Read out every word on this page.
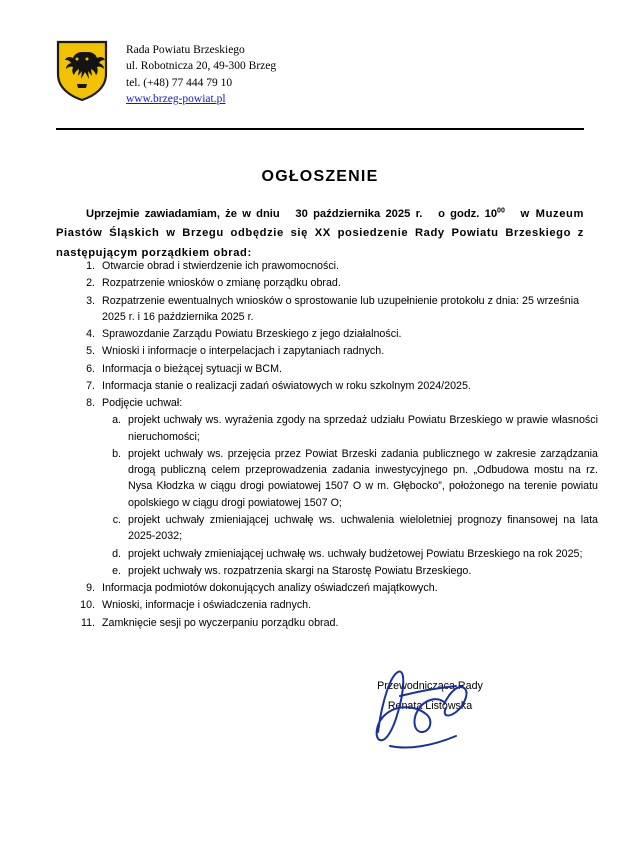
Rada Powiatu Brzeskiego
ul. Robotnicza 20, 49-300 Brzeg
tel. (+48) 77 444 79 10
www.brzeg-powiat.pl
OGŁOSZENIE
Uprzejmie zawiadamiam, że w dniu 30 października 2025 r. o godz. $10^{00}$ w Muzeum Piastów Śląskich w Brzegu odbędzie się XX posiedzenie Rady Powiatu Brzeskiego z następującym porządkiem obrad:
1. Otwarcie obrad i stwierdzenie ich prawomocności.
2. Rozpatrzenie wniosków o zmianę porządku obrad.
3. Rozpatrzenie ewentualnych wniosków o sprostowanie lub uzupełnienie protokołu z dnia: 25 września 2025 r. i 16 października 2025 r.
4. Sprawozdanie Zarządu Powiatu Brzeskiego z jego działalności.
5. Wnioski i informacje o interpelacjach i zapytaniach radnych.
6. Informacja o bieżącej sytuacji w BCM.
7. Informacja stanie o realizacji zadań oświatowych w roku szkolnym 2024/2025.
8. Podjęcie uchwał:
a. projekt uchwały ws. wyrażenia zgody na sprzedaż udziału Powiatu Brzeskiego w prawie własności nieruchomości;
b. projekt uchwały ws. przejęcia przez Powiat Brzeski zadania publicznego w zakresie zarządzania drogą publiczną celem przeprowadzenia zadania inwestycyjnego pn. „Odbudowa mostu na rz. Nysa Kłodzka w ciągu drogi powiatowej 1507 O w m. Głębocko”, położonego na terenie powiatu opolskiego w ciągu drogi powiatowej 1507 O;
c. projekt uchwały zmieniającej uchwałę ws. uchwalenia wieloletniej prognozy finansowej na lata 2025-2032;
d. projekt uchwały zmieniającej uchwałę ws. uchwały budżetowej Powiatu Brzeskiego na rok 2025;
e. projekt uchwały ws. rozpatrzenia skargi na Starostę Powiatu Brzeskiego.
9. Informacja podmiotów dokonujących analizy oświadczeń majątkowych.
10. Wnioski, informacje i oświadczenia radnych.
11. Zamknięcie sesji po wyczerpaniu porządku obrad.
Przewodnicząca Rady
Renata Listowska
